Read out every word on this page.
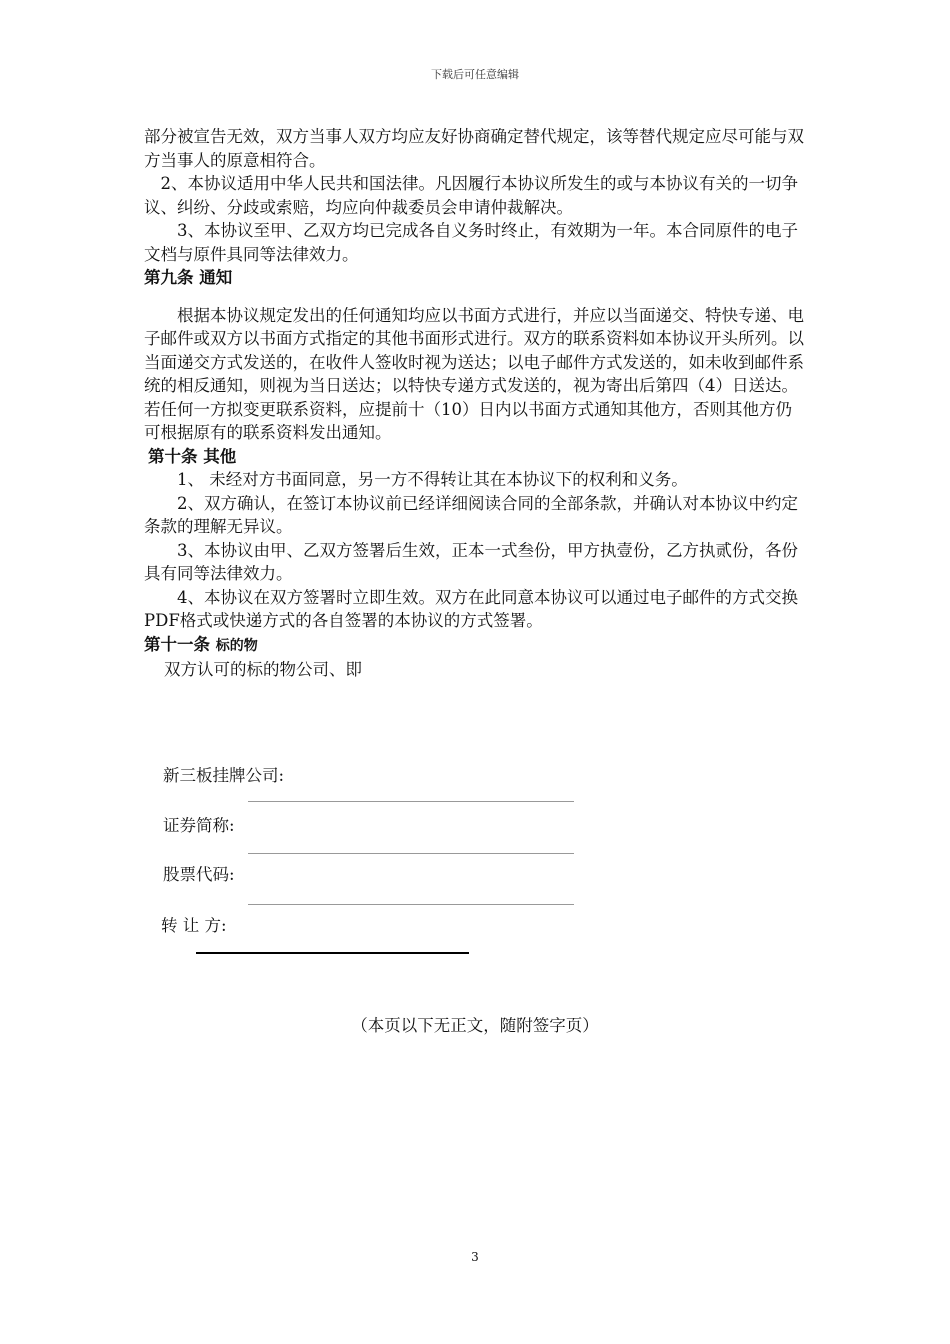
下载后可任意编辑

部分被宣告无效，双方当事人双方均应友好协商确定替代规定，该等替代规定应尽可能与双方当事人的原意相符合。

2、本协议适用中华人民共和国法律。凡因履行本协议所发生的或与本协议有关的一切争议、纠纷、分歧或索赔，均应向仲裁委员会申请仲裁解决。

3、本协议至甲、乙双方均已完成各自义务时终止，有效期为一年。本合同原件的电子文档与原件具同等法律效力。

第九条 通知

根据本协议规定发出的任何通知均应以书面方式进行，并应以当面递交、特快专递、电子邮件或双方以书面方式指定的其他书面形式进行。双方的联系资料如本协议开头所列。以当面递交方式发送的，在收件人签收时视为送达；以电子邮件方式发送的，如未收到邮件系统的相反通知，则视为当日送达；以特快专递方式发送的，视为寄出后第四（4）日送达。若任何一方拟变更联系资料，应提前十（10）日内以书面方式通知其他方，否则其他方仍可根据原有的联系资料发出通知。

第十条 其他

1、 未经对方书面同意，另一方不得转让其在本协议下的权利和义务。

2、双方确认，在签订本协议前已经详细阅读合同的全部条款，并确认对本协议中约定条款的理解无异议。

3、本协议由甲、乙双方签署后生效，正本一式叁份，甲方执壹份，乙方执贰份，各份具有同等法律效力。

4、本协议在双方签署时立即生效。双方在此同意本协议可以通过电子邮件的方式交换PDF格式或快递方式的各自签署的本协议的方式签署。

第十一条 标的物

双方认可的标的物公司、即

新三板挂牌公司:
证券简称:
股票代码:
转 让 方:
（本页以下无正文，随附签字页）
3
